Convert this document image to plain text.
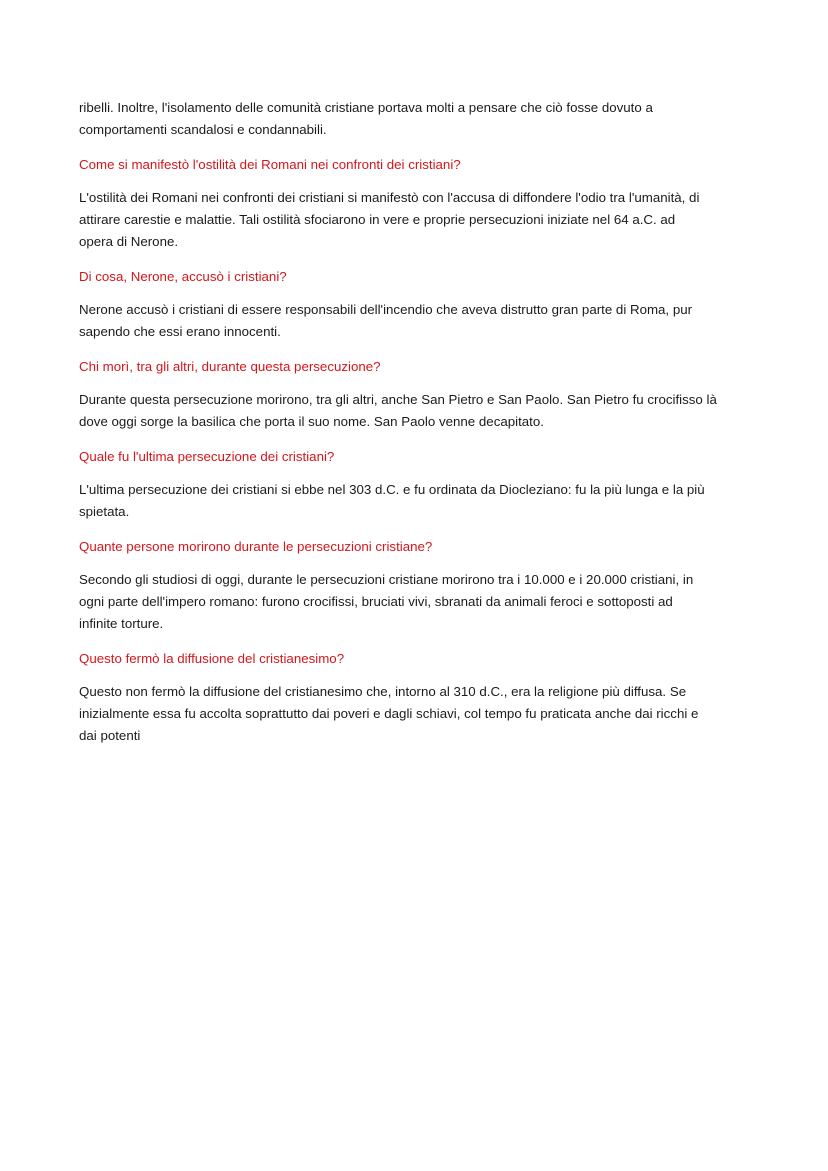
ribelli. Inoltre, l'isolamento delle comunità cristiane portava molti a pensare che ciò fosse dovuto a
comportamenti scandalosi e condannabili.
Come si manifestò l'ostilità dei Romani nei confronti dei cristiani?
L'ostilità dei Romani nei confronti dei cristiani si manifestò con l'accusa di diffondere l'odio tra l'umanità, di
attirare carestie e malattie. Tali ostilità sfociarono in vere e proprie persecuzioni iniziate nel 64 a.C. ad
opera di Nerone.
Di cosa, Nerone, accusò i cristiani?
Nerone accusò i cristiani di essere responsabili dell'incendio che aveva distrutto gran parte di Roma, pur
sapendo che essi erano innocenti.
Chi morì, tra gli altri, durante questa persecuzione?
Durante questa persecuzione morirono, tra gli altri, anche San Pietro e San Paolo. San Pietro fu crocifisso là
dove oggi sorge la basilica che porta il suo nome. San Paolo venne decapitato.
Quale fu l'ultima persecuzione dei cristiani?
L'ultima persecuzione dei cristiani si ebbe nel 303 d.C. e fu ordinata da Diocleziano: fu la più lunga e la più
spietata.
Quante persone morirono durante le persecuzioni cristiane?
Secondo gli studiosi di oggi, durante le persecuzioni cristiane morirono tra i 10.000 e i 20.000 cristiani, in
ogni parte dell'impero romano: furono crocifissi, bruciati vivi, sbranati da animali feroci e sottoposti ad
infinite torture.
Questo fermò la diffusione del cristianesimo?
Questo non fermò la diffusione del cristianesimo che, intorno al 310 d.C., era la religione più diffusa. Se
inizialmente essa fu accolta soprattutto dai poveri e dagli schiavi, col tempo fu praticata anche dai ricchi e
dai potenti
